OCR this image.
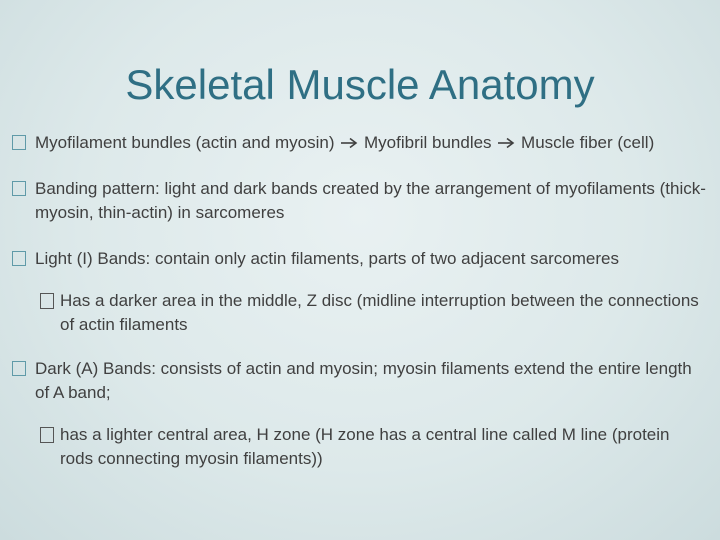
Skeletal Muscle Anatomy
Myofilament bundles (actin and myosin) Myofibril bundles Muscle fiber (cell)
Banding pattern: light and dark bands created by the arrangement of myofilaments (thick-myosin, thin-actin) in sarcomeres
Light (I) Bands: contain only actin filaments, parts of two adjacent sarcomeres
Has a darker area in the middle, Z disc (midline interruption between the connections of actin filaments
Dark (A) Bands: consists of actin and myosin; myosin filaments extend the entire length of A band;
has a lighter central area, H zone (H zone has a central line called M line (protein rods connecting myosin filaments))
